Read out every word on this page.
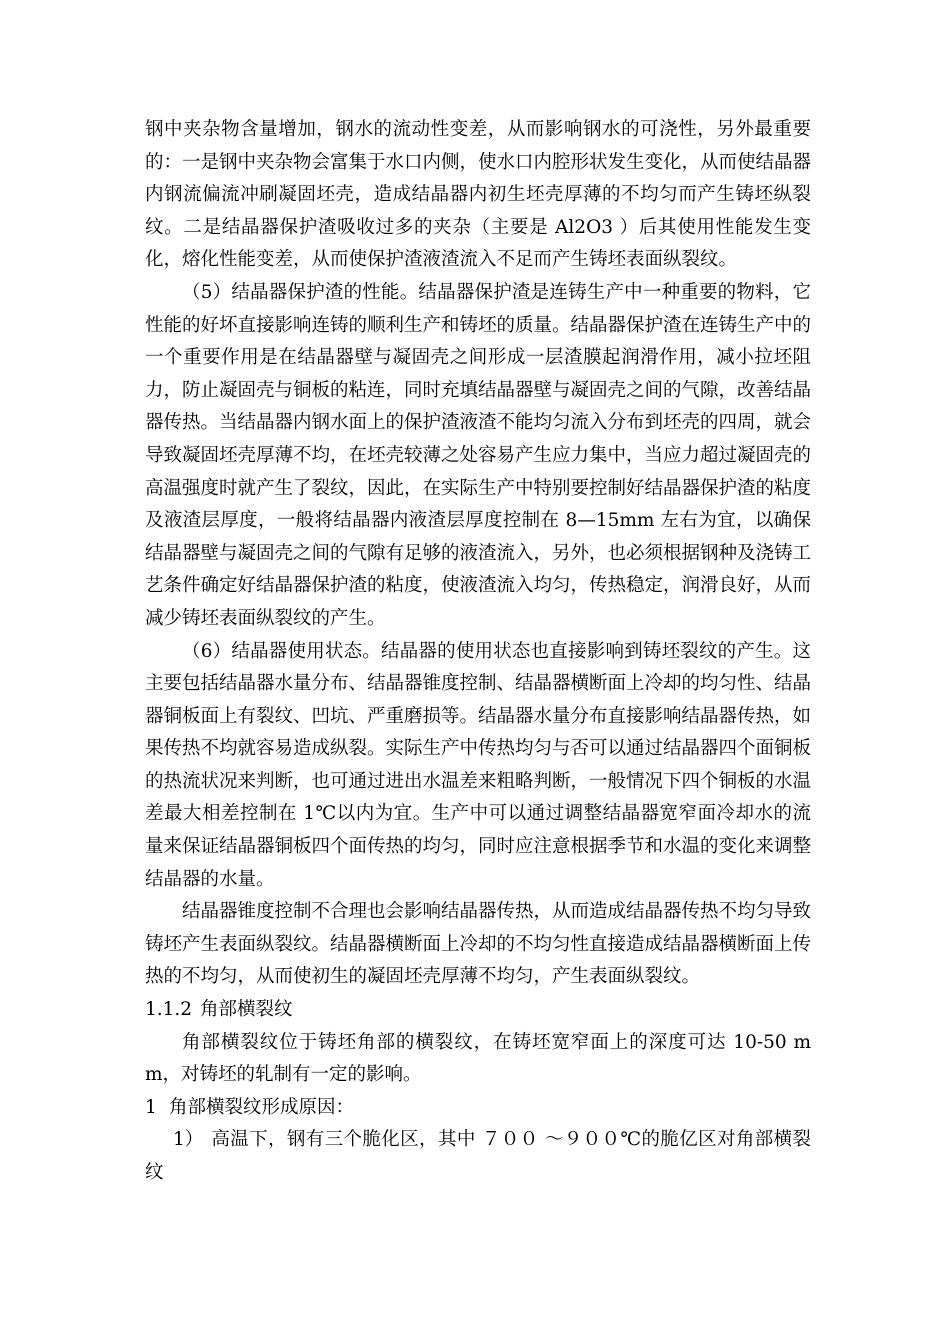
钢中夹杂物含量增加，钢水的流动性变差，从而影响钢水的可浇性，另外最重要的：一是钢中夹杂物会富集于水口内侧，使水口内腔形状发生变化，从而使结晶器内钢流偏流冲刷凝固坯壳，造成结晶器内初生坯壳厚薄的不均匀而产生铸坯纵裂纹。二是结晶器保护渣吸收过多的夹杂（主要是 Al2O3 ）后其使用性能发生变化，熔化性能变差，从而使保护渣液渣流入不足而产生铸坯表面纵裂纹。

（5）结晶器保护渣的性能。结晶器保护渣是连铸生产中一种重要的物料，它性能的好坏直接影响连铸的顺利生产和铸坯的质量。结晶器保护渣在连铸生产中的一个重要作用是在结晶器壁与凝固壳之间形成一层渣膜起润滑作用，减小拉坯阻力，防止凝固壳与铜板的粘连，同时充填结晶器壁与凝固壳之间的气隙，改善结晶器传热。当结晶器内钢水面上的保护渣液渣不能均匀流入分布到坯壳的四周，就会导致凝固坯壳厚薄不均，在坯壳较薄之处容易产生应力集中，当应力超过凝固壳的高温强度时就产生了裂纹，因此，在实际生产中特别要控制好结晶器保护渣的粘度及液渣层厚度，一般将结晶器内液渣层厚度控制在 8—15mm 左右为宜，以确保结晶器壁与凝固壳之间的气隙有足够的液渣流入，另外，也必须根据钢种及浇铸工艺条件确定好结晶器保护渣的粘度，使液渣流入均匀，传热稳定，润滑良好，从而减少铸坯表面纵裂纹的产生。

（6）结晶器使用状态。结晶器的使用状态也直接影响到铸坯裂纹的产生。这主要包括结晶器水量分布、结晶器锥度控制、结晶器横断面上冷却的均匀性、结晶器铜板面上有裂纹、凹坑、严重磨损等。结晶器水量分布直接影响结晶器传热，如果传热不均就容易造成纵裂。实际生产中传热均匀与否可以通过结晶器四个面铜板的热流状况来判断，也可通过进出水温差来粗略判断，一般情况下四个铜板的水温差最大相差控制在 1℃以内为宜。生产中可以通过调整结晶器宽窄面冷却水的流量来保证结晶器铜板四个面传热的均匀，同时应注意根据季节和水温的变化来调整结晶器的水量。

结晶器锥度控制不合理也会影响结晶器传热，从而造成结晶器传热不均匀导致铸坯产生表面纵裂纹。结晶器横断面上冷却的不均匀性直接造成结晶器横断面上传热的不均匀，从而使初生的凝固坯壳厚薄不均匀，产生表面纵裂纹。

1.1.2 角部横裂纹

角部横裂纹位于铸坯角部的横裂纹，在铸坯宽窄面上的深度可达 10-50 mm，对铸坯的轧制有一定的影响。

1 角部横裂纹形成原因：

1） 高温下，钢有三个脆化区，其中 ７００ ～９００℃的脆亿区对角部横裂纹
